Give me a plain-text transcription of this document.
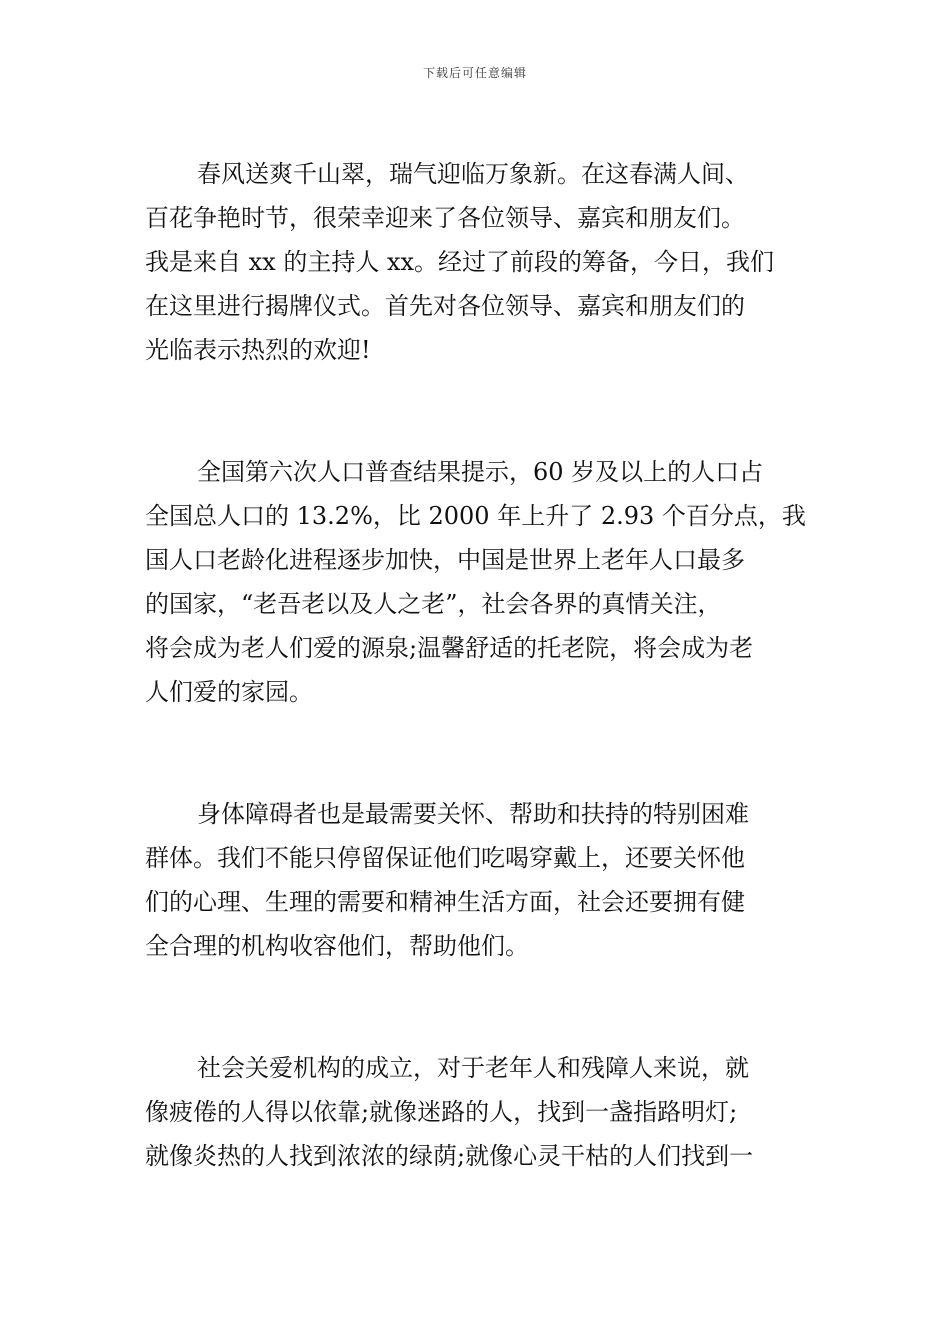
下载后可任意编辑
春风送爽千山翠，瑞气迎临万象新。在这春满人间、
百花争艳时节，很荣幸迎来了各位领导、嘉宾和朋友们。
我是来自 xx 的主持人 xx。经过了前段的筹备，今日，我们
在这里进行揭牌仪式。首先对各位领导、嘉宾和朋友们的
光临表示热烈的欢迎!
全国第六次人口普查结果提示，60 岁及以上的人口占
全国总人口的 13.2%，比 2000 年上升了 2.93 个百分点，我
国人口老龄化进程逐步加快，中国是世界上老年人口最多
的国家，“老吾老以及人之老”，社会各界的真情关注，
将会成为老人们爱的源泉;温馨舒适的托老院，将会成为老
人们爱的家园。
身体障碍者也是最需要关怀、帮助和扶持的特别困难
群体。我们不能只停留保证他们吃喝穿戴上，还要关怀他
们的心理、生理的需要和精神生活方面，社会还要拥有健
全合理的机构收容他们，帮助他们。
社会关爱机构的成立，对于老年人和残障人来说，就
像疲倦的人得以依靠;就像迷路的人，找到一盏指路明灯;
就像炎热的人找到浓浓的绿荫;就像心灵干枯的人们找到一
